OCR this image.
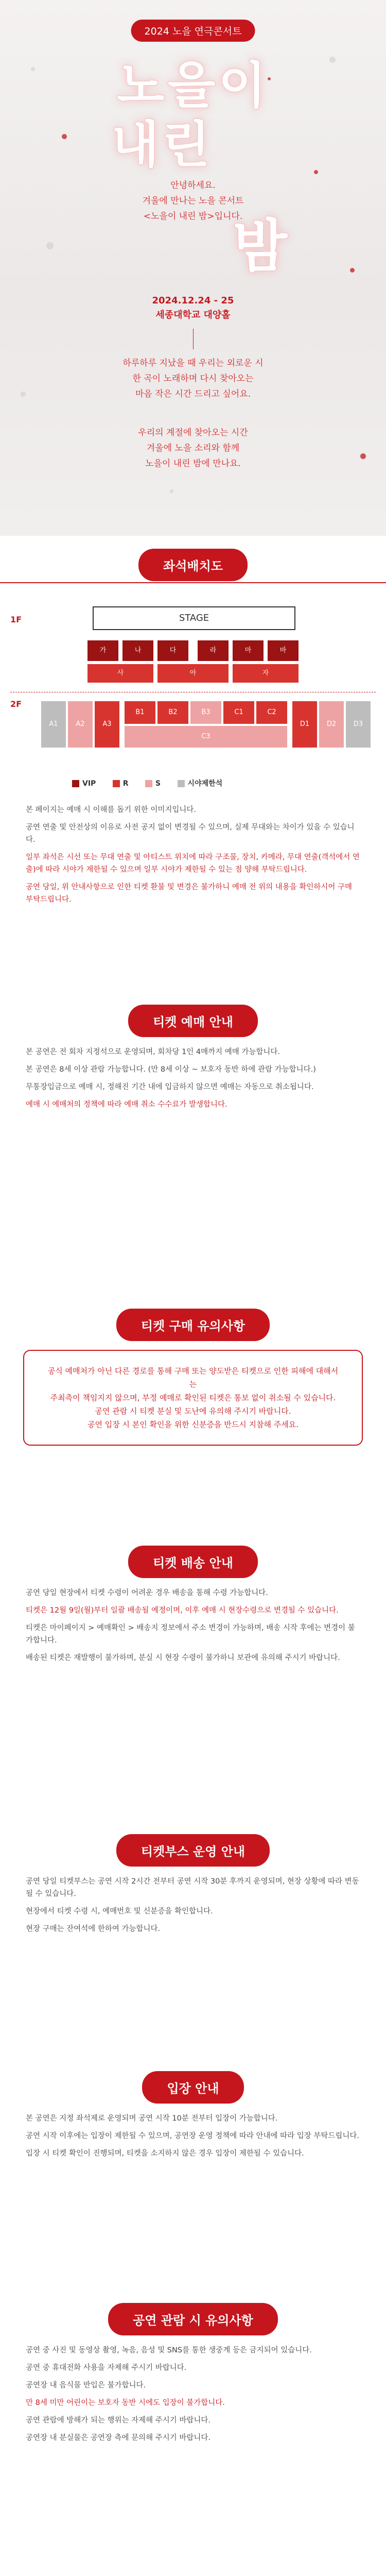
2024 노을 연극콘서트
노을이
내린
안녕하세요.
겨울에 만나는 노을 콘서트
<노을이 내린 밤>입니다.
밤
2024.12.24 - 25
세종대학교 대양홀
하루하루 지났을 때 우리는 외로운 시
한 곡이 노래하며 다시 찾아오는
마음 작은 시간 드리고 싶어요.
우리의 계절에 찾아오는 시간
겨울에 노을 소리와 함께
노을이 내린 밤에 만나요.
좌석배치도
1F	STAGE
가	나	다	라	마	바
사	아	자
2F
A1	A2	A3
B1	B2	B3	C1	C2
C3
D1	D2	D3
VIP	R	S	시야제한석

본 페이지는 예매 시 이해를 돕기 위한 이미지입니다.

공연 연출 및 안전상의 이유로 사전 공지 없이 변경될 수 있으며, 실제 무대와는 차이가 있을 수 있습니다.

일부 좌석은 시선 또는 무대 연출 및 아티스트 위치에 따라 구조물, 장치, 카메라, 무대 연출(객석에서 연출)에 따라 시야가 제한될 수 있으며 일부 시야가 제한될 수 있는 점 양해 부탁드립니다.

공연 당일, 위 안내사항으로 인한 티켓 환불 및 변경은 불가하니 예매 전 위의 내용을 확인하시어 구매 부탁드립니다.

티켓 예매 안내

본 공연은 전 회차 지정석으로 운영되며, 회차당 1인 4매까지 예매 가능합니다.

본 공연은 8세 이상 관람 가능합니다. (만 8세 이상 ~ 보호자 동반 하에 관람 가능합니다.)

무통장입금으로 예매 시, 정해진 기간 내에 입금하지 않으면 예매는 자동으로 취소됩니다.

예매 시 예매처의 정책에 따라 예매 취소 수수료가 발생합니다.

티켓 구매 유의사항
공식 예매처가 아닌 다른 경로를 통해 구매 또는 양도받은 티켓으로 인한 피해에 대해서는
주최측이 책임지지 않으며, 부정 예매로 확인된 티켓은 통보 없이 취소될 수 있습니다.
공연 관람 시 티켓 분실 및 도난에 유의해 주시기 바랍니다.
공연 입장 시 본인 확인을 위한 신분증을 반드시 지참해 주세요.
티켓 배송 안내

공연 당일 현장에서 티켓 수령이 어려운 경우 배송을 통해 수령 가능합니다.

티켓은 12월 9일(월)부터 일괄 배송될 예정이며, 이후 예매 시 현장수령으로 변경될 수 있습니다.

티켓은 마이페이지 > 예매확인 > 배송지 정보에서 주소 변경이 가능하며, 배송 시작 후에는 변경이 불가합니다.

배송된 티켓은 재발행이 불가하며, 분실 시 현장 수령이 불가하니 보관에 유의해 주시기 바랍니다.

티켓부스 운영 안내

공연 당일 티켓부스는 공연 시작 2시간 전부터 공연 시작 30분 후까지 운영되며, 현장 상황에 따라 변동될 수 있습니다.

현장에서 티켓 수령 시, 예매번호 및 신분증을 확인합니다.

현장 구매는 잔여석에 한하여 가능합니다.

입장 안내

본 공연은 지정 좌석제로 운영되며 공연 시작 10분 전부터 입장이 가능합니다.

공연 시작 이후에는 입장이 제한될 수 있으며, 공연장 운영 정책에 따라 안내에 따라 입장 부탁드립니다.

입장 시 티켓 확인이 진행되며, 티켓을 소지하지 않은 경우 입장이 제한될 수 있습니다.

공연 관람 시 유의사항

공연 중 사진 및 동영상 촬영, 녹음, 음성 및 SNS를 통한 생중계 등은 금지되어 있습니다.

공연 중 휴대전화 사용을 자제해 주시기 바랍니다.

공연장 내 음식물 반입은 불가합니다.

만 8세 미만 어린이는 보호자 동반 시에도 입장이 불가합니다.

공연 관람에 방해가 되는 행위는 자제해 주시기 바랍니다.

공연장 내 분실물은 공연장 측에 문의해 주시기 바랍니다.
